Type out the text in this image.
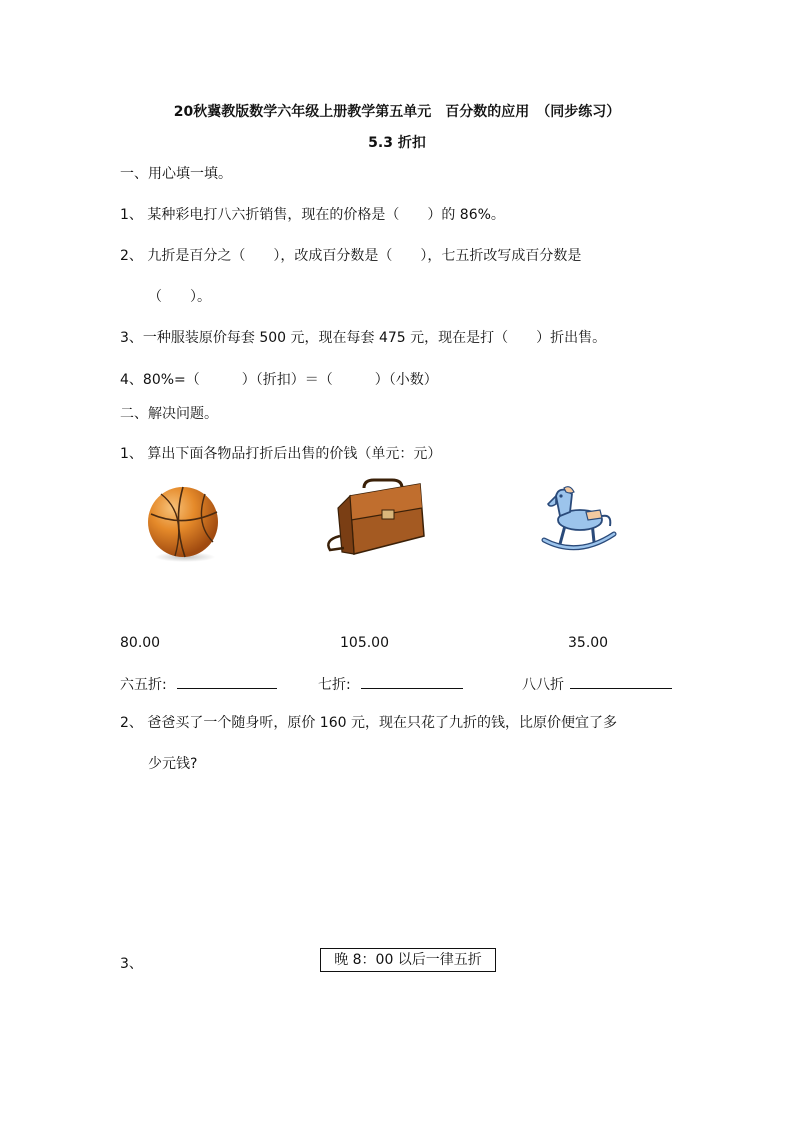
20秋冀教版数学六年级上册教学第五单元　百分数的应用　（同步练习）
5.3 折扣
一、用心填一填。
1、 某种彩电打八六折销售，现在的价格是（　　）的 86%。
2、 九折是百分之（　　），改成百分数是（　　），七五折改写成百分数是
（　　）。
3、一种服装原价每套 500 元，现在每套 475 元，现在是打（　　）折出售。
4、80%=（　　　）（折扣）＝（　　　）（小数）
二、解决问题。
1、 算出下面各物品打折后出售的价钱（单元：元）
80.00	105.00	35.00
六五折:	七折:	八八折
2、 爸爸买了一个随身听，原价 160 元，现在只花了九折的钱，比原价便宜了多
少元钱?
3、	晚 8：00 以后一律五折
